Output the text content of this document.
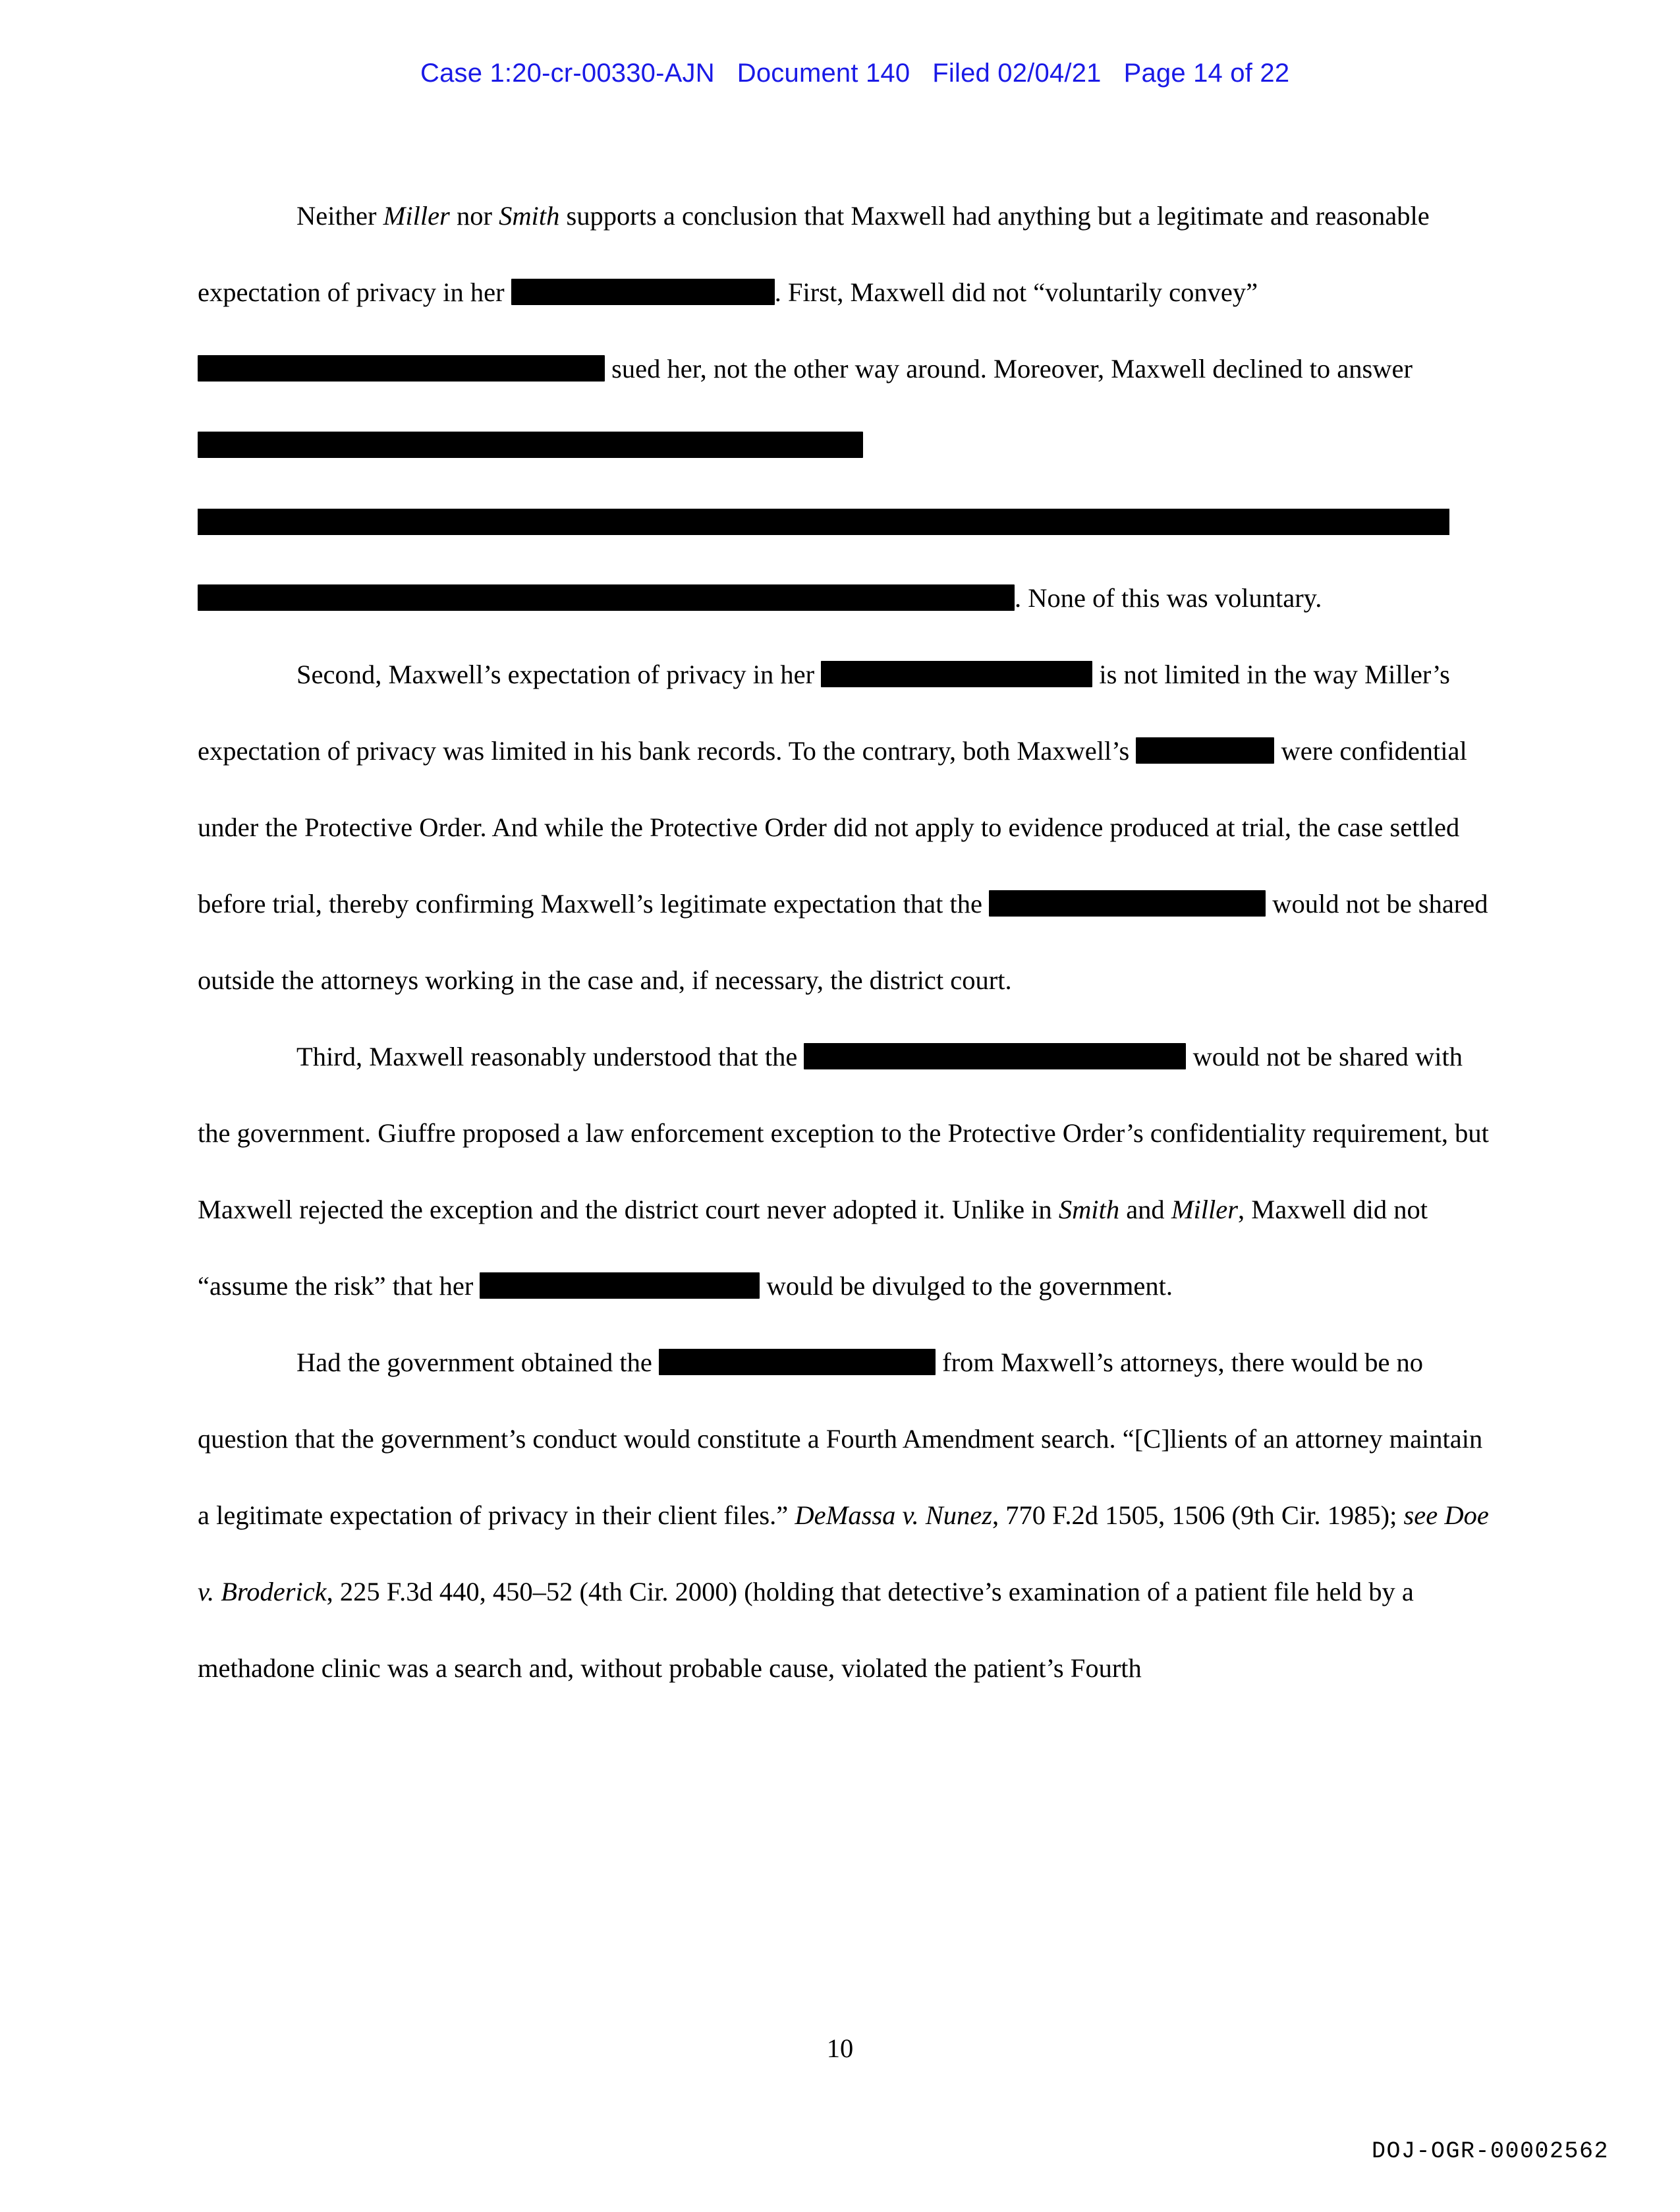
Case 1:20-cr-00330-AJN Document 140 Filed 02/04/21 Page 14 of 22

Neither Miller nor Smith supports a conclusion that Maxwell had anything but a legitimate and reasonable expectation of privacy in her	. First, Maxwell did not “voluntarily convey”  sued her, not the other way around. Moreover, Maxwell declined to answer
. None of this was voluntary.

Second, Maxwell’s expectation of privacy in her	is not limited in the way Miller’s expectation of privacy was limited in his bank records. To the contrary, both Maxwell’s	were confidential under the Protective Order. And while the Protective Order did not apply to evidence produced at trial, the case settled before trial, thereby confirming Maxwell’s legitimate expectation that the	would not be shared outside the attorneys working in the case and, if necessary, the district court.

Third, Maxwell reasonably understood that the	would not be shared with the government. Giuffre proposed a law enforcement exception to the Protective Order’s confidentiality requirement, but Maxwell rejected the exception and the district court never adopted it. Unlike in Smith and Miller, Maxwell did not “assume the risk” that her	would be divulged to the government.

Had the government obtained the	from Maxwell’s attorneys, there would be no question that the government’s conduct would constitute a Fourth Amendment search. “[C]lients of an attorney maintain a legitimate expectation of privacy in their client files.” DeMassa v. Nunez, 770 F.2d 1505, 1506 (9th Cir. 1985); see Doe v. Broderick, 225 F.3d 440, 450–52 (4th Cir. 2000) (holding that detective’s examination of a patient file held by a methadone clinic was a search and, without probable cause, violated the patient’s Fourth

10
DOJ-OGR-00002562
